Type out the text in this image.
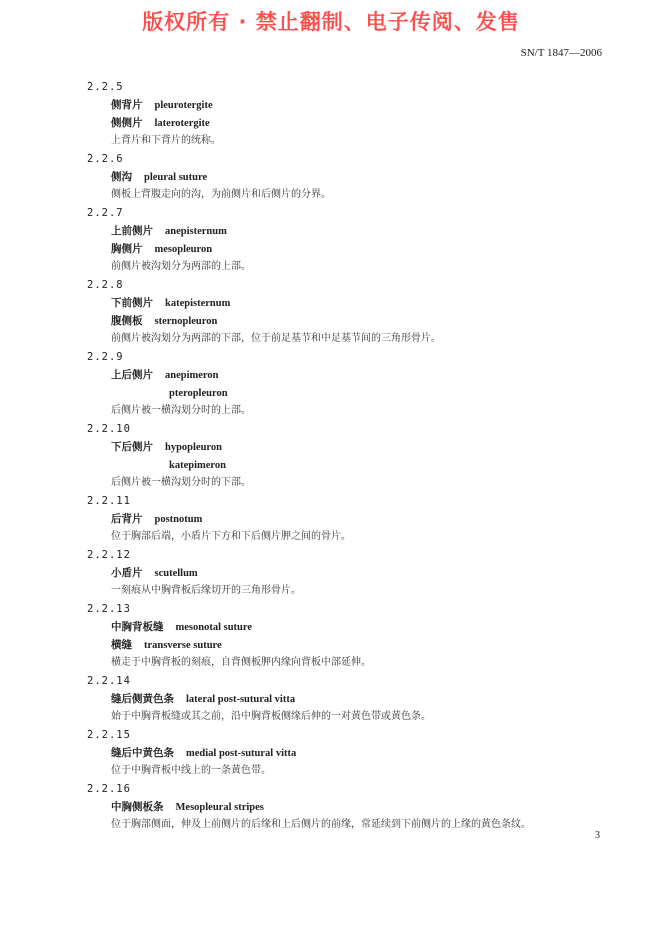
版权所有 · 禁止翻制、电子传阅、发售
SN/T 1847—2006
2.2.5
侧背片 pleurotergite
侧侧片 laterotergite
上背片和下背片的统称。
2.2.6
侧沟 pleural suture
侧板上背腹走向的沟，为前侧片和后侧片的分界。
2.2.7
上前侧片 anepisternum
胸侧片 mesopleuron
前侧片被沟划分为两部的上部。
2.2.8
下前侧片 katepisternum
腹侧板 sternopleuron
前侧片被沟划分为两部的下部，位于前足基节和中足基节间的三角形骨片。
2.2.9
上后侧片 anepimeron
pteropleuron
后侧片被一横沟划分时的上部。
2.2.10
下后侧片 hypopleuron
katepimeron
后侧片被一横沟划分时的下部。
2.2.11
后背片 postnotum
位于胸部后端，小盾片下方和下后侧片胛之间的骨片。
2.2.12
小盾片 scutellum
一刻痕从中胸背板后缘切开的三角形骨片。
2.2.13
中胸背板缝 mesonotal suture
横缝 transverse suture
横走于中胸背板的刻痕，自背侧板胛内缘向背板中部延伸。
2.2.14
缝后侧黄色条 lateral post-sutural vitta
始于中胸背板缝或其之前，沿中胸背板侧缘后伸的一对黄色带或黄色条。
2.2.15
缝后中黄色条 medial post-sutural vitta
位于中胸背板中线上的一条黄色带。
2.2.16
中胸侧板条 Mesopleural stripes
位于胸部侧面，伸及上前侧片的后缘和上后侧片的前缘，常延续到下前侧片的上缘的黄色条纹。
3
